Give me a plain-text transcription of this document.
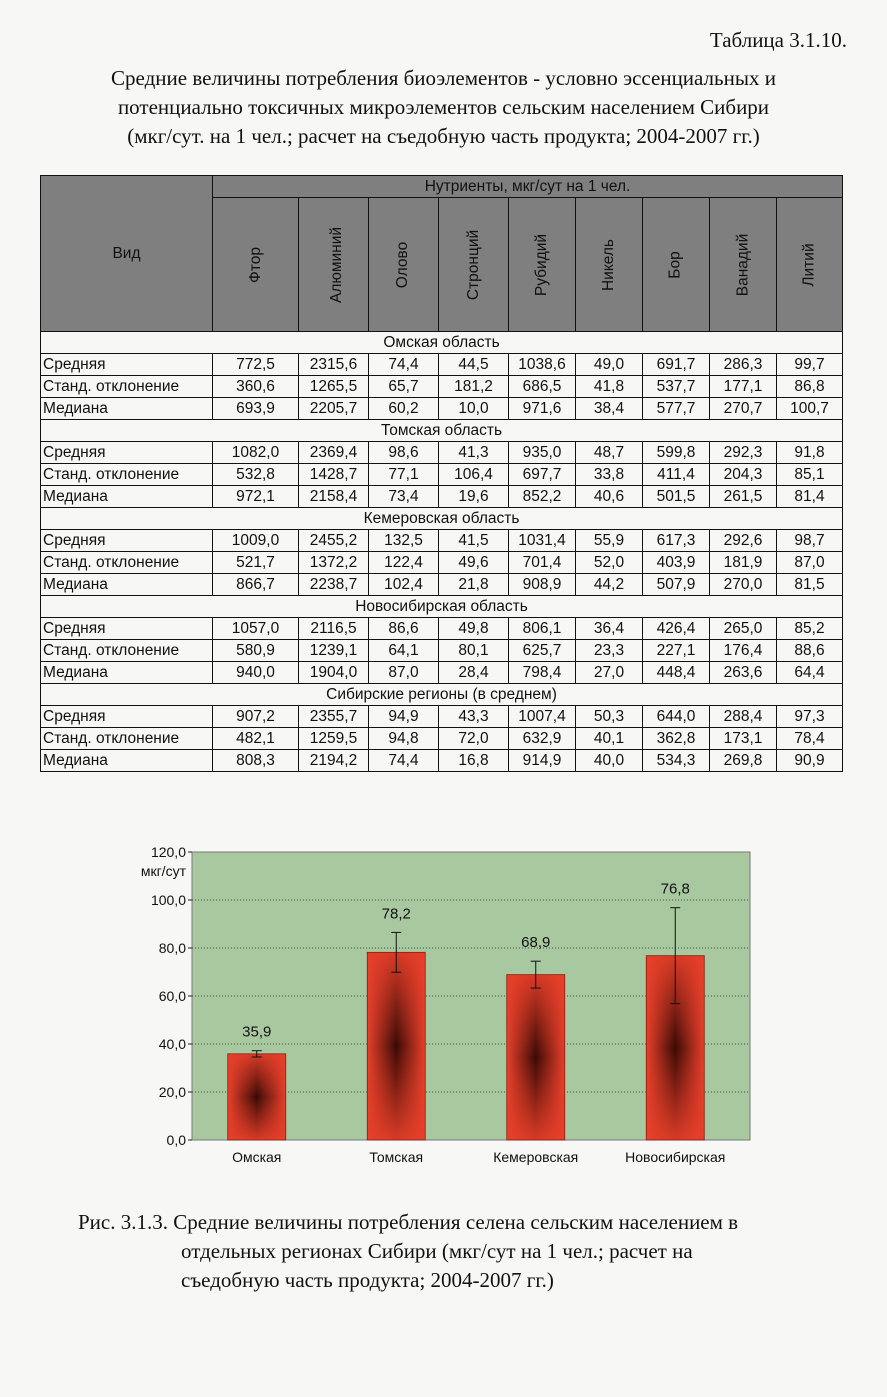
Таблица 3.1.10.
Средние величины потребления биоэлементов - условно эссенциальных и
потенциально токсичных микроэлементов сельским населением Сибири
(мкг/сут. на 1 чел.; расчет на съедобную часть продукта; 2004-2007 гг.)
Вид	Нутриенты, мкг/сут на 1 чел.								
	Фтор	Алюминий	Олово	Стронций	Рубидий	Никель	Бор	Ванадий	Литий
Омская область									
Средняя	772,5	2315,6	74,4	44,5	1038,6	49,0	691,7	286,3	99,7
Станд. отклонение	360,6	1265,5	65,7	181,2	686,5	41,8	537,7	177,1	86,8
Медиана	693,9	2205,7	60,2	10,0	971,6	38,4	577,7	270,7	100,7
Томская область									
Средняя	1082,0	2369,4	98,6	41,3	935,0	48,7	599,8	292,3	91,8
Станд. отклонение	532,8	1428,7	77,1	106,4	697,7	33,8	411,4	204,3	85,1
Медиана	972,1	2158,4	73,4	19,6	852,2	40,6	501,5	261,5	81,4
Кемеровская область									
Средняя	1009,0	2455,2	132,5	41,5	1031,4	55,9	617,3	292,6	98,7
Станд. отклонение	521,7	1372,2	122,4	49,6	701,4	52,0	403,9	181,9	87,0
Медиана	866,7	2238,7	102,4	21,8	908,9	44,2	507,9	270,0	81,5
Новосибирская область									
Средняя	1057,0	2116,5	86,6	49,8	806,1	36,4	426,4	265,0	85,2
Станд. отклонение	580,9	1239,1	64,1	80,1	625,7	23,3	227,1	176,4	88,6
Медиана	940,0	1904,0	87,0	28,4	798,4	27,0	448,4	263,6	64,4
Сибирские регионы (в среднем)									
Средняя	907,2	2355,7	94,9	43,3	1007,4	50,3	644,0	288,4	97,3
Станд. отклонение	482,1	1259,5	94,8	72,0	632,9	40,1	362,8	173,1	78,4
Медиана	808,3	2194,2	74,4	16,8	914,9	40,0	534,3	269,8	90,9
0,0
20,0
40,0
60,0
80,0
100,0
120,0
мкг/сут
35,9
Омская
78,2
Томская
68,9
Кемеровская
76,8
Новосибирская
Рис. 3.1.3. Средние величины потребления селена сельским населением в
отдельных регионах Сибири (мкг/сут на 1 чел.; расчет на
съедобную часть продукта; 2004-2007 гг.)
